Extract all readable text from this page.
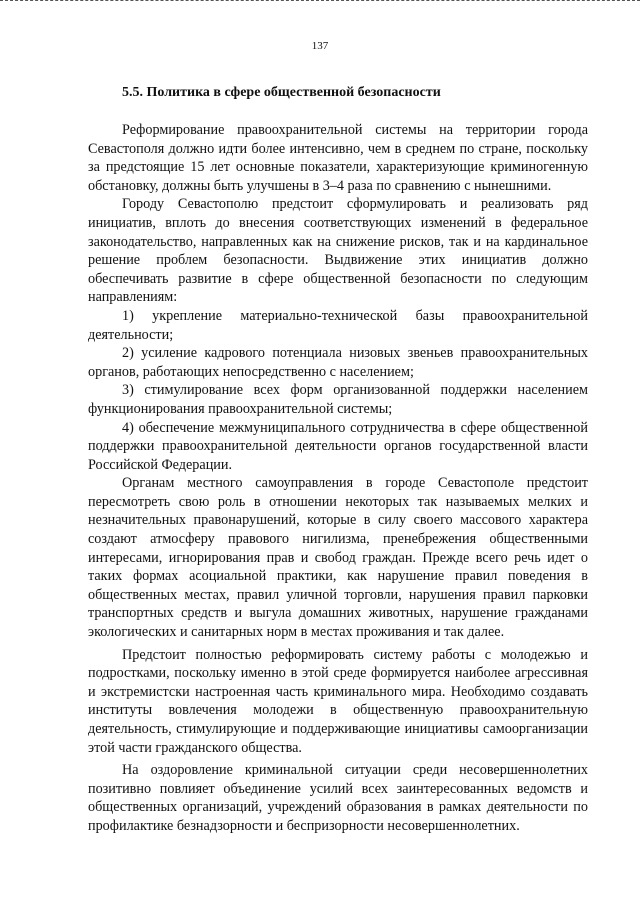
137
5.5. Политика в сфере общественной безопасности

Реформирование правоохранительной системы на территории города Севастополя должно идти более интенсивно, чем в среднем по стране, поскольку за предстоящие 15 лет основные показатели, характеризующие криминогенную обстановку, должны быть улучшены в 3–4 раза по сравнению с нынешними.

Городу Севастополю предстоит сформулировать и реализовать ряд инициатив, вплоть до внесения соответствующих изменений в федеральное законодательство, направленных как на снижение рисков, так и на кардинальное решение проблем безопасности. Выдвижение этих инициатив должно обеспечивать развитие в сфере общественной безопасности по следующим направлениям:

1) укрепление материально-технической базы правоохранительной деятельности;

2) усиление кадрового потенциала низовых звеньев правоохранительных органов, работающих непосредственно с населением;

3) стимулирование всех форм организованной поддержки населением функционирования правоохранительной системы;

4) обеспечение межмуниципального сотрудничества в сфере общественной поддержки правоохранительной деятельности органов государственной власти Российской Федерации.

Органам местного самоуправления в городе Севастополе предстоит пересмотреть свою роль в отношении некоторых так называемых мелких и незначительных правонарушений, которые в силу своего массового характера создают атмосферу правового нигилизма, пренебрежения общественными интересами, игнорирования прав и свобод граждан. Прежде всего речь идет о таких формах асоциальной практики, как нарушение правил поведения в общественных местах, правил уличной торговли, нарушения правил парковки транспортных средств и выгула домашних животных, нарушение гражданами экологических и санитарных норм в местах проживания и так далее.

Предстоит полностью реформировать систему работы с молодежью и подростками, поскольку именно в этой среде формируется наиболее агрессивная и экстремистски настроенная часть криминального мира. Необходимо создавать институты вовлечения молодежи в общественную правоохранительную деятельность, стимулирующие и поддерживающие инициативы самоорганизации этой части гражданского общества.

На оздоровление криминальной ситуации среди несовершеннолетних позитивно повлияет объединение усилий всех заинтересованных ведомств и общественных организаций, учреждений образования в рамках деятельности по профилактике безнадзорности и беспризорности несовершеннолетних.
